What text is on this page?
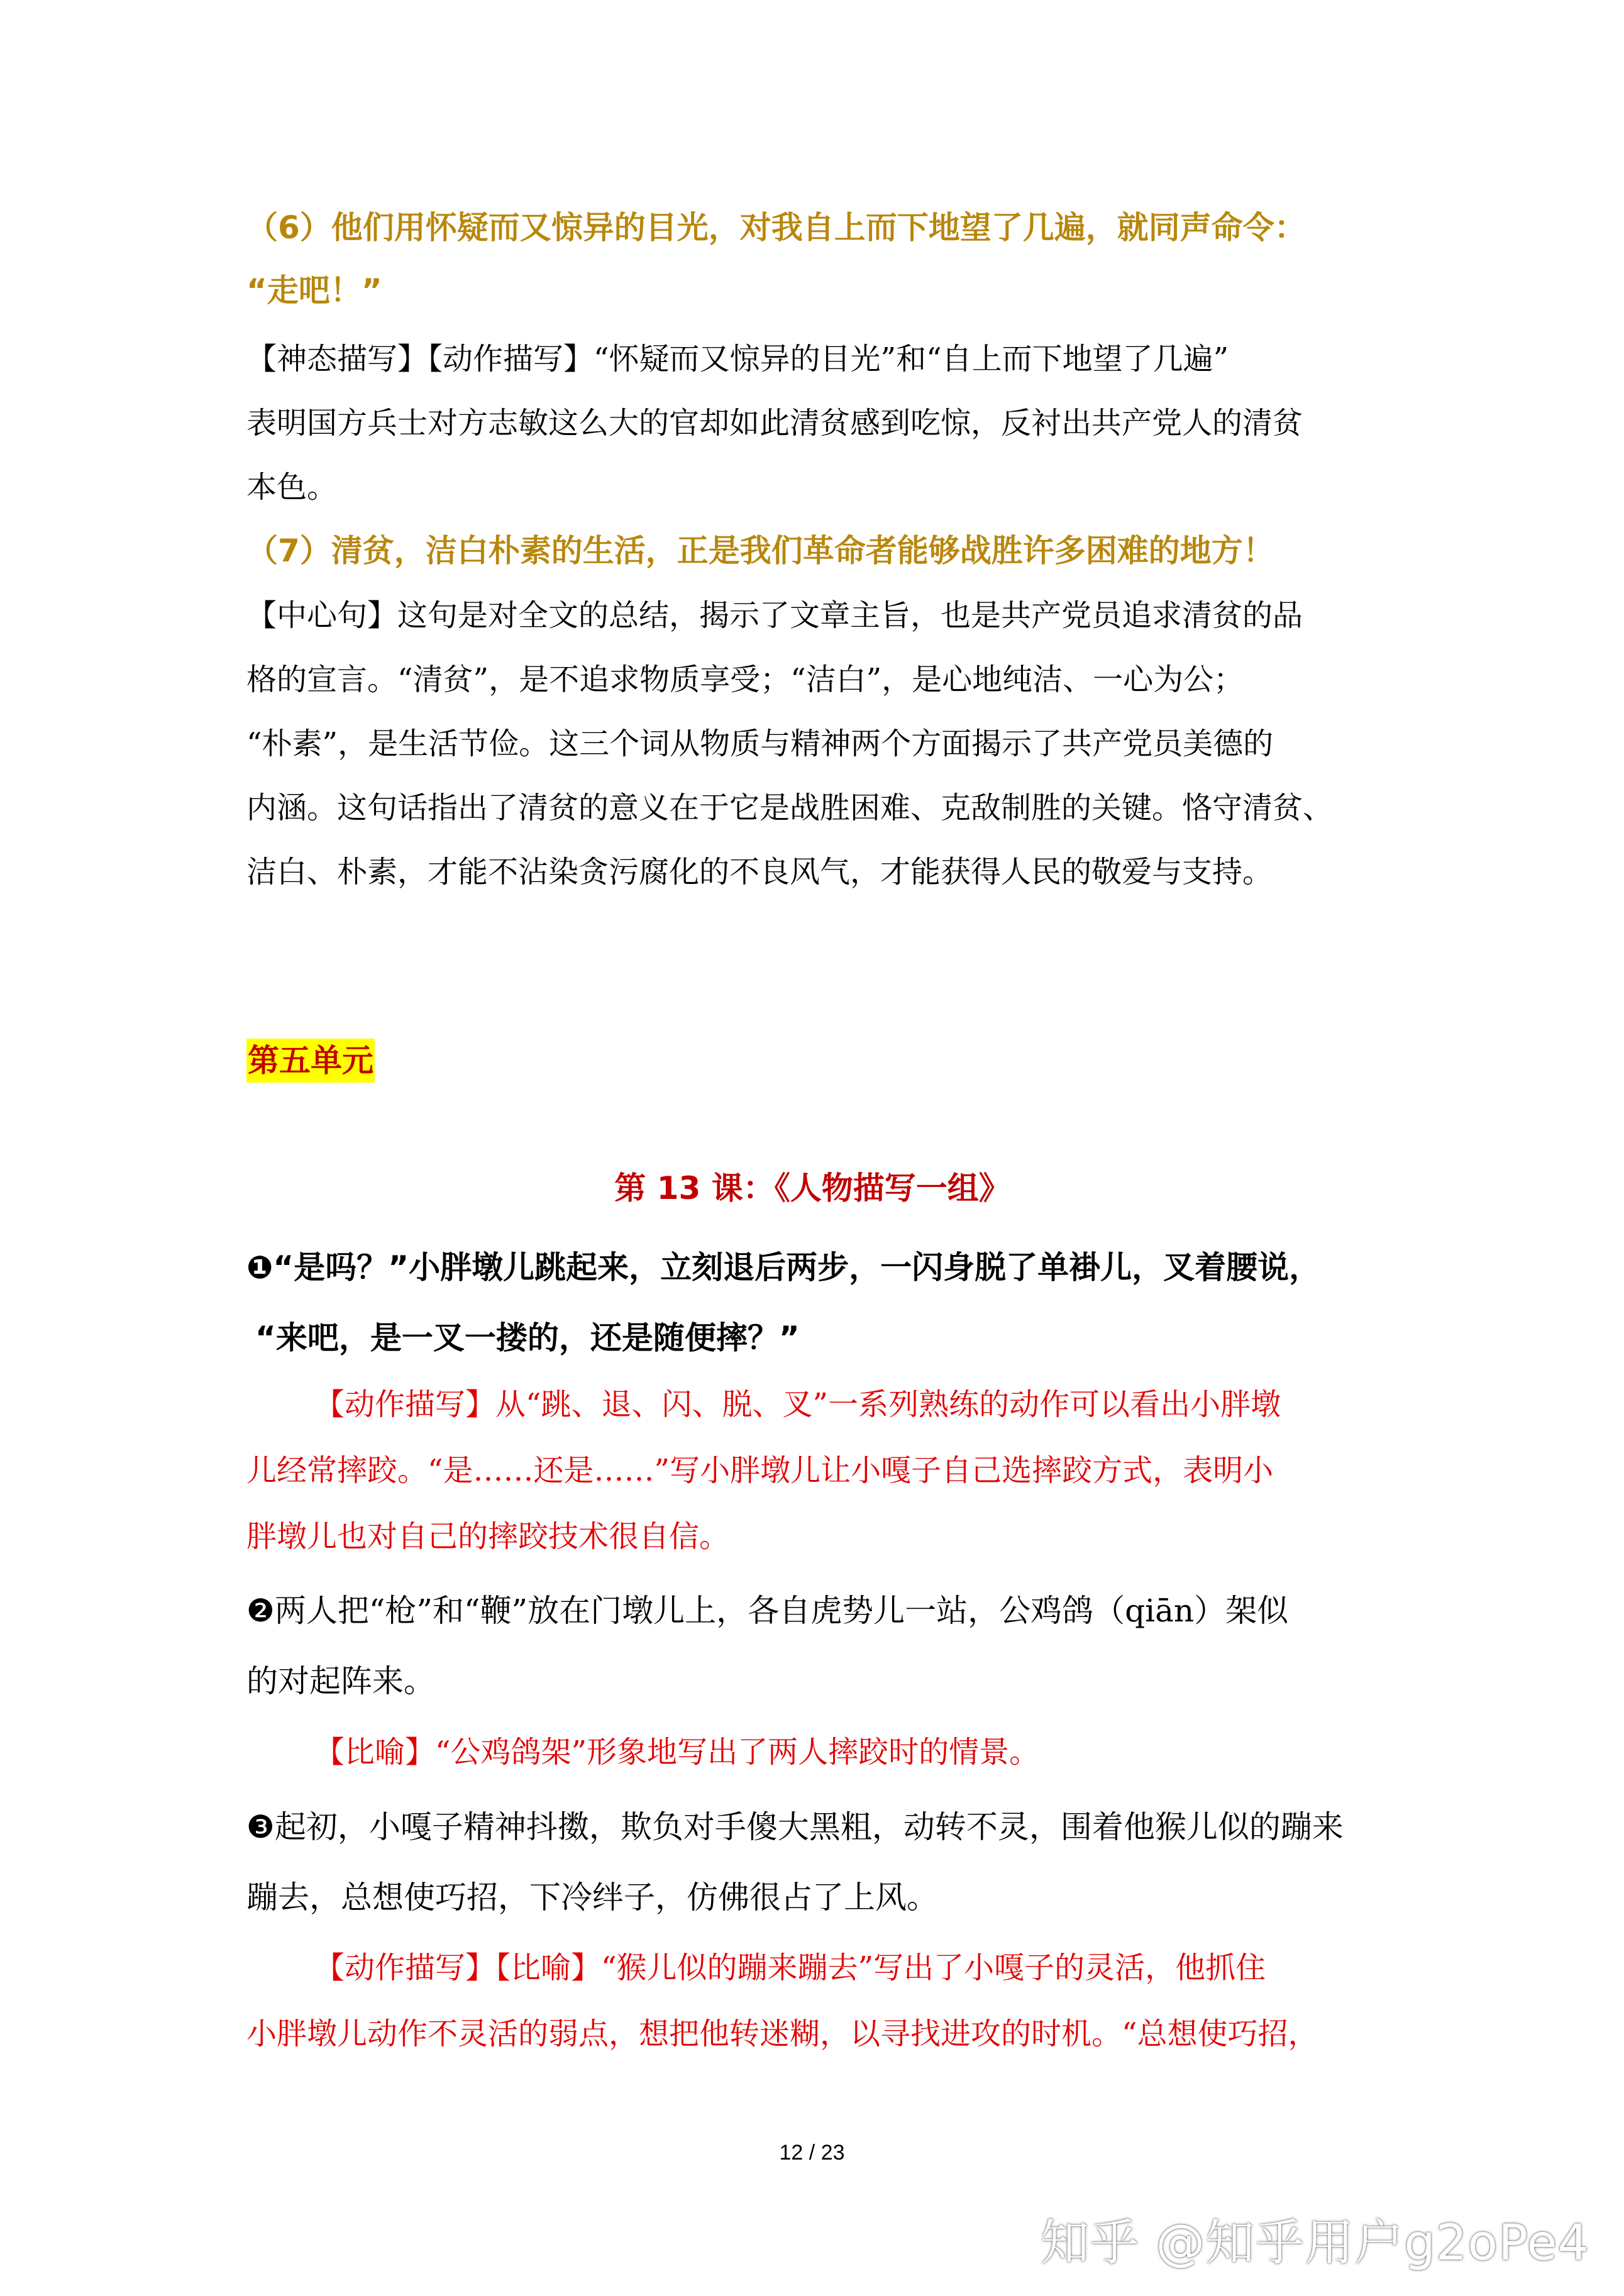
（6）他们用怀疑而又惊异的目光，对我自上而下地望了几遍，就同声命令：
“走吧！”
【神态描写】【动作描写】“怀疑而又惊异的目光”和“自上而下地望了几遍”
表明国方兵士对方志敏这么大的官却如此清贫感到吃惊，反衬出共产党人的清贫
本色。
（7）清贫，洁白朴素的生活，正是我们革命者能够战胜许多困难的地方！
【中心句】这句是对全文的总结，揭示了文章主旨，也是共产党员追求清贫的品
格的宣言。“清贫”，是不追求物质享受；“洁白”，是心地纯洁、一心为公；
“朴素”，是生活节俭。这三个词从物质与精神两个方面揭示了共产党员美德的
内涵。这句话指出了清贫的意义在于它是战胜困难、克敌制胜的关键。恪守清贫、
洁白、朴素，才能不沾染贪污腐化的不良风气，才能获得人民的敬爱与支持。
第五单元
第 13 课：《人物描写一组》
❶“是吗？”小胖墩儿跳起来，立刻退后两步，一闪身脱了单褂儿，叉着腰说，
“来吧，是一叉一搂的，还是随便摔？”
【动作描写】从“跳、退、闪、脱、叉”一系列熟练的动作可以看出小胖墩
儿经常摔跤。“是……还是……”写小胖墩儿让小嘎子自己选摔跤方式，表明小
胖墩儿也对自己的摔跤技术很自信。
❷两人把“枪”和“鞭”放在门墩儿上，各自虎势儿一站，公鸡鸽（qiān）架似
的对起阵来。
【比喻】“公鸡鸽架”形象地写出了两人摔跤时的情景。
❸起初，小嘎子精神抖擞，欺负对手傻大黑粗，动转不灵，围着他猴儿似的蹦来
蹦去，总想使巧招，下冷绊子，仿佛很占了上风。
【动作描写】【比喻】“猴儿似的蹦来蹦去”写出了小嘎子的灵活，他抓住
小胖墩儿动作不灵活的弱点，想把他转迷糊，以寻找进攻的时机。“总想使巧招，
12 / 23
知乎 @知乎用户g2oPe4
